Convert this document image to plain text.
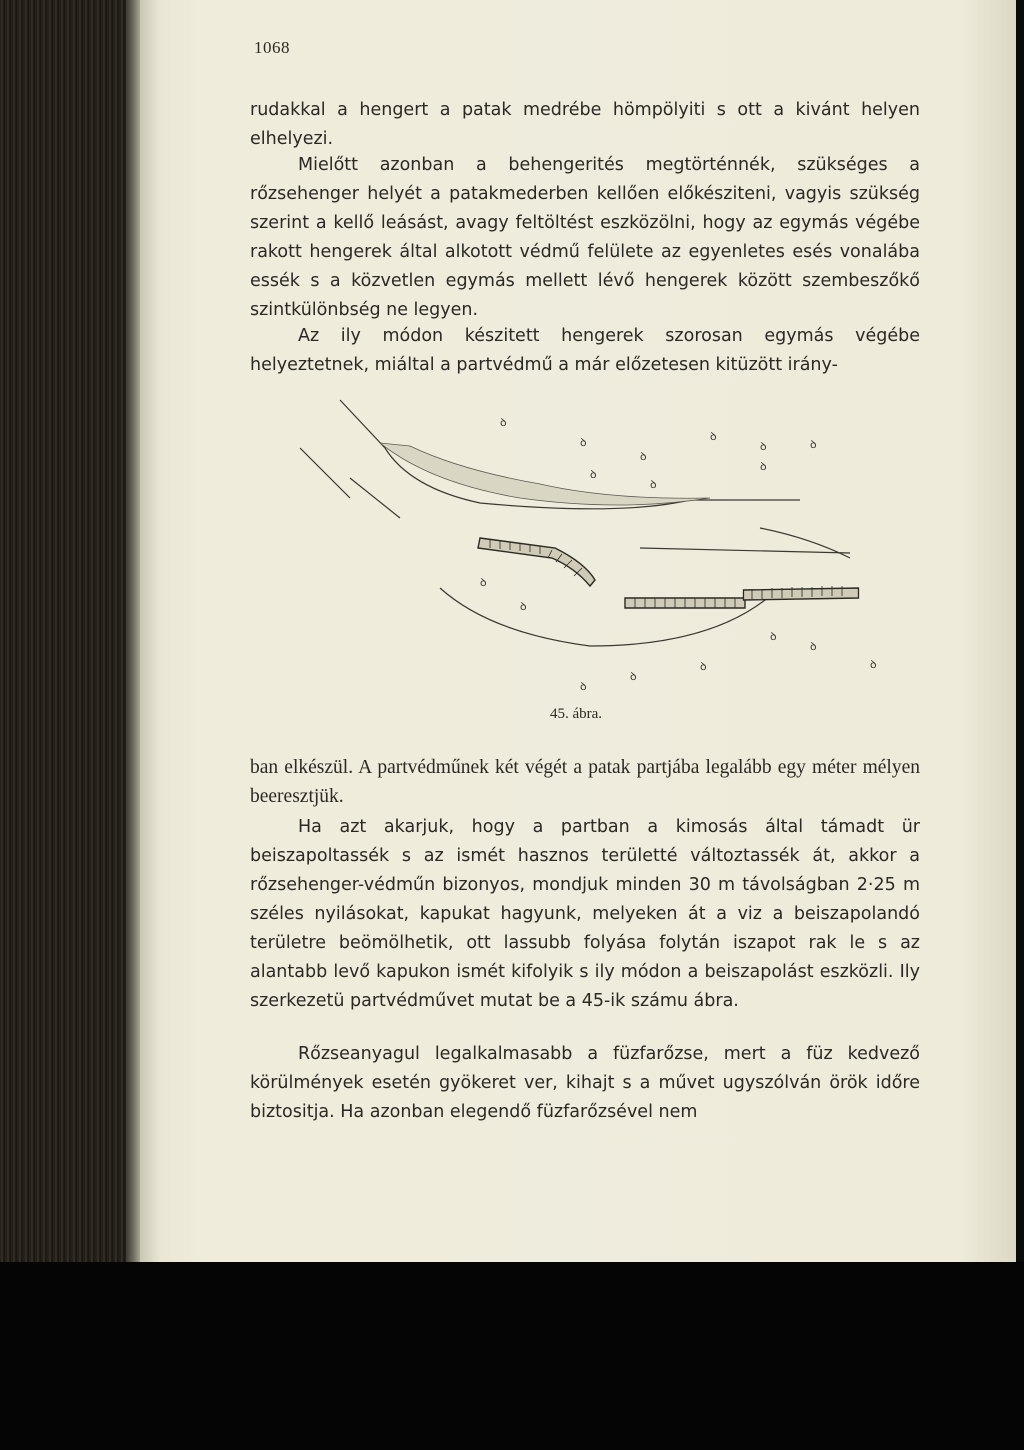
1068

rudakkal a hengert a patak medrébe hömpölyiti s ott a kivánt helyen elhelyezi.

Mielőtt azonban a behengerités megtörténnék, szükséges a rőzsehenger helyét a patakmederben kellően előkésziteni, vagyis szükség szerint a kellő leásást, avagy feltöltést eszközölni, hogy az egymás végébe rakott hengerek által alkotott védmű felülete az egyenletes esés vonalába essék s a közvetlen egymás mellett lévő hengerek között szembeszőkő szintkülönbség ne legyen.

Az ily módon készitett hengerek szorosan egymás végébe helyeztetnek, miáltal a partvédmű a már előzetesen kitüzött irány-

ꝺ
ꝺ
ꝺ
ꝺ
ꝺ	ꝺ
ꝺ
ꝺ
ꝺ
ꝺ
ꝺ
ꝺ
ꝺ
ꝺ
ꝺ	ꝺ
ꝺ
45. ábra.

ban elkészül. A partvédműnek két végét a patak partjába legalább egy méter mélyen beeresztjük.

Ha azt akarjuk, hogy a partban a kimosás által támadt ür beiszapoltassék s az ismét hasznos területté változtassék át, akkor a rőzsehenger-védműn bizonyos, mondjuk minden 30 m távolságban 2·25 m széles nyilásokat, kapukat hagyunk, melyeken át a viz a beiszapolandó területre beömölhetik, ott lassubb folyása folytán iszapot rak le s az alantabb levő kapukon ismét kifolyik s ily módon a beiszapolást eszközli. Ily szerkezetü partvédművet mutat be a 45-ik számu ábra.

Rőzseanyagul legalkalmasabb a füzfarőzse, mert a füz kedvező körülmények esetén gyökeret ver, kihajt s a művet ugyszólván örök időre biztositja. Ha azonban elegendő füzfarőzsével nem
